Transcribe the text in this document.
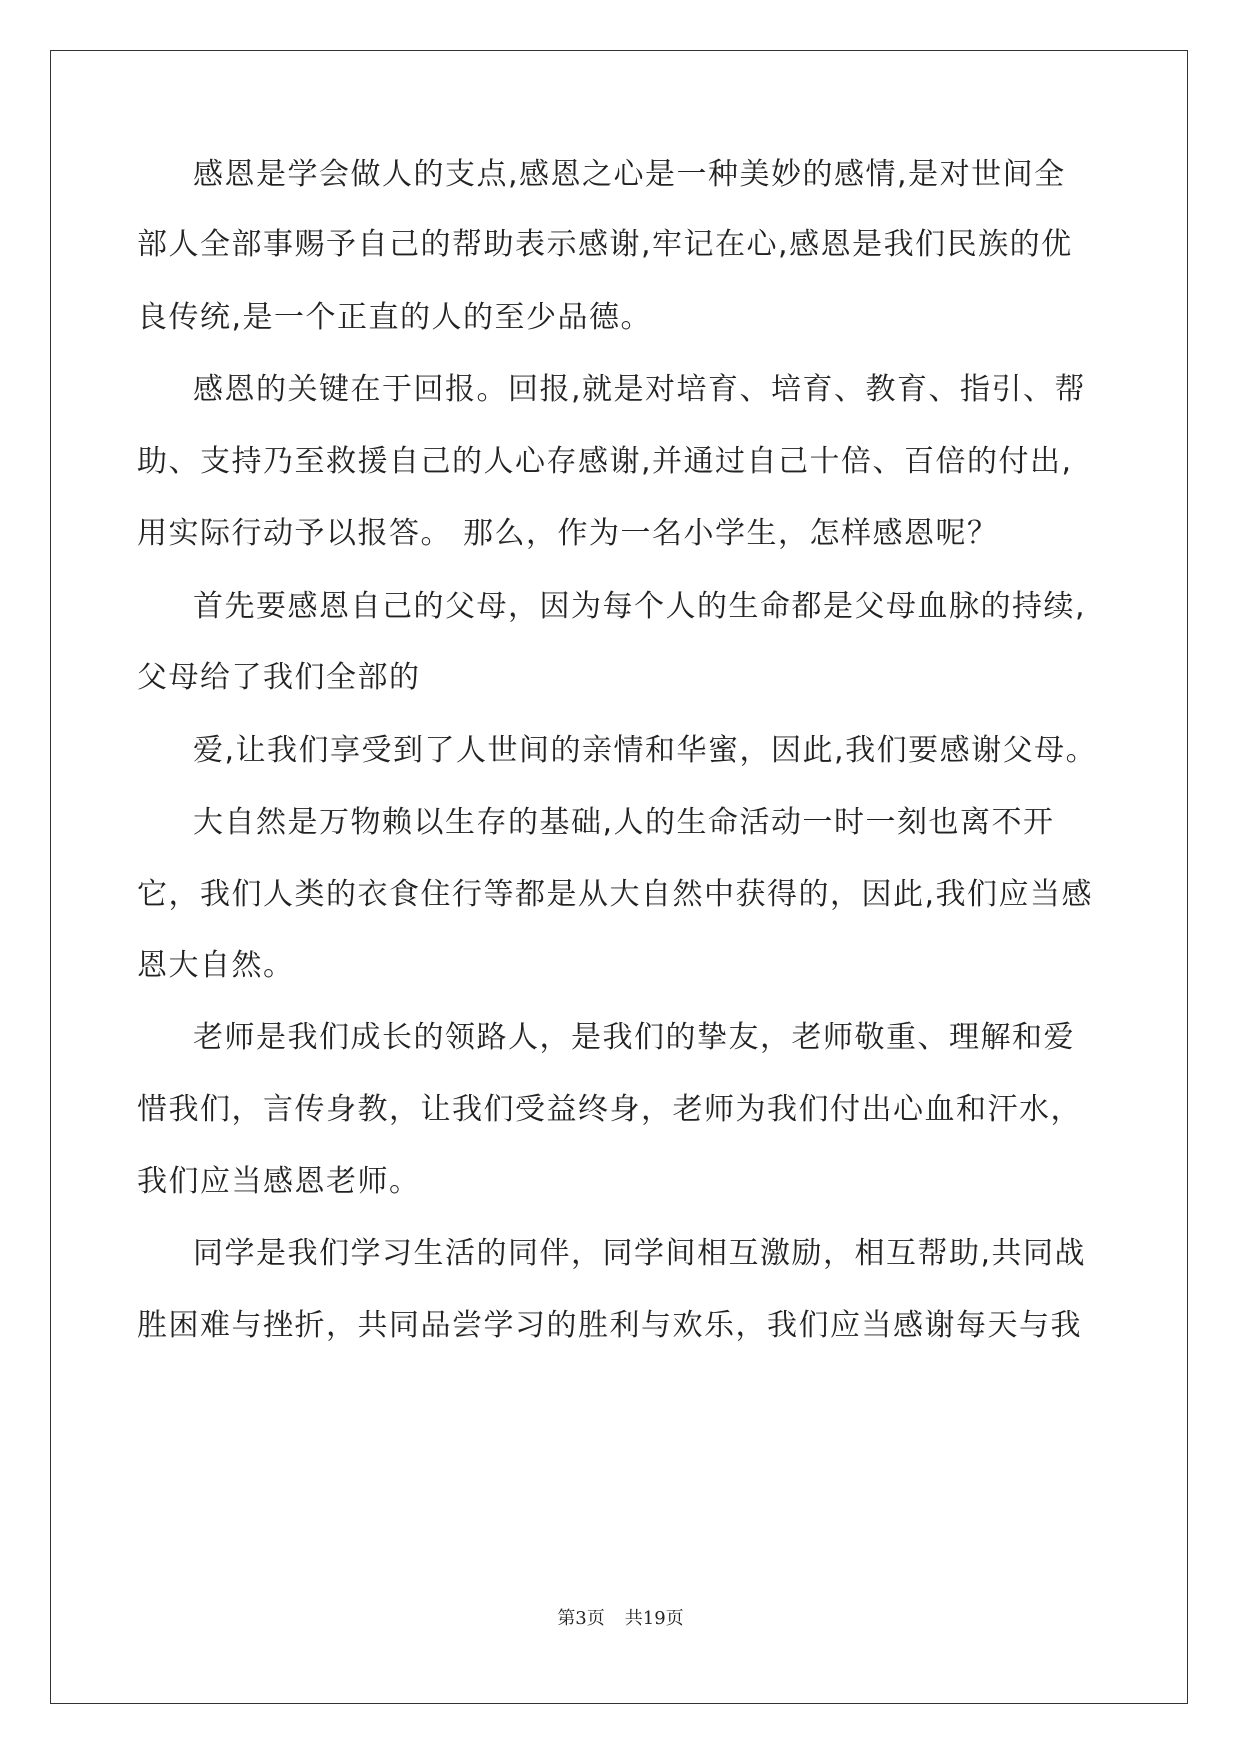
感恩是学会做人的支点,感恩之心是一种美妙的感情,是对世间全
部人全部事赐予自己的帮助表示感谢,牢记在心,感恩是我们民族的优
良传统,是一个正直的人的至少品德。
感恩的关键在于回报。回报,就是对培育、培育、教育、指引、帮
助、支持乃至救援自己的人心存感谢,并通过自己十倍、百倍的付出,
用实际行动予以报答。 那么，作为一名小学生，怎样感恩呢？
首先要感恩自己的父母，因为每个人的生命都是父母血脉的持续,
父母给了我们全部的
爱,让我们享受到了人世间的亲情和华蜜，因此,我们要感谢父母。
大自然是万物赖以生存的基础,人的生命活动一时一刻也离不开
它，我们人类的衣食住行等都是从大自然中获得的，因此,我们应当感
恩大自然。
老师是我们成长的领路人，是我们的挚友，老师敬重、理解和爱
惜我们，言传身教，让我们受益终身，老师为我们付出心血和汗水，
我们应当感恩老师。
同学是我们学习生活的同伴，同学间相互激励，相互帮助,共同战
胜困难与挫折，共同品尝学习的胜利与欢乐，我们应当感谢每天与我
第3页 共19页
